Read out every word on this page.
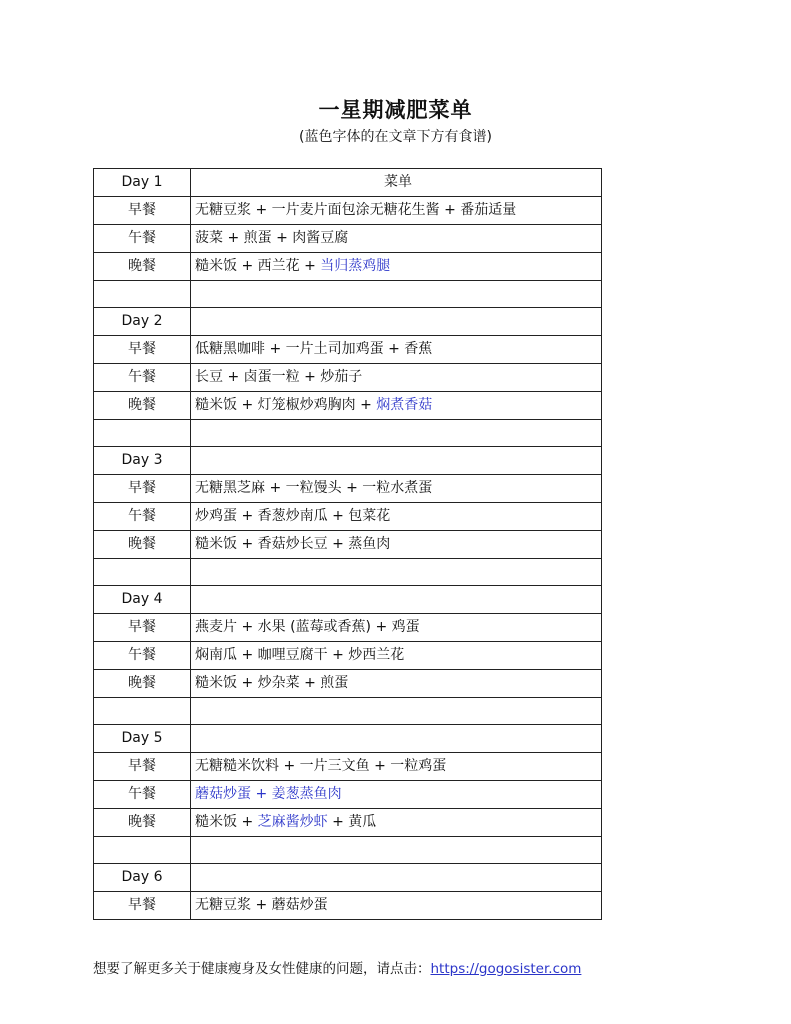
一星期减肥菜单
(蓝色字体的在文章下方有食谱)
Day 1	菜单
早餐	无糖豆浆 + 一片麦片面包涂无糖花生酱 + 番茄适量
午餐	菠菜 + 煎蛋 + 肉酱豆腐
晚餐	糙米饭 + 西兰花 + 当归蒸鸡腿

Day 2	
早餐	低糖黑咖啡 + 一片土司加鸡蛋 + 香蕉
午餐	长豆 + 卤蛋一粒 + 炒茄子
晚餐	糙米饭 + 灯笼椒炒鸡胸肉 + 焖煮香菇

Day 3	
早餐	无糖黑芝麻 + 一粒馒头 + 一粒水煮蛋
午餐	炒鸡蛋 + 香葱炒南瓜 + 包菜花
晚餐	糙米饭 + 香菇炒长豆 + 蒸鱼肉

Day 4	
早餐	燕麦片 + 水果 (蓝莓或香蕉) + 鸡蛋
午餐	焖南瓜 + 咖哩豆腐干 + 炒西兰花
晚餐	糙米饭 + 炒杂菜 + 煎蛋

Day 5	
早餐	无糖糙米饮料 + 一片三文鱼 + 一粒鸡蛋
午餐	蘑菇炒蛋 + 姜葱蒸鱼肉
晚餐	糙米饭 + 芝麻酱炒虾 + 黄瓜

Day 6	
早餐	无糖豆浆 + 蘑菇炒蛋
想要了解更多关于健康瘦身及女性健康的问题，请点击：https://gogosister.com
